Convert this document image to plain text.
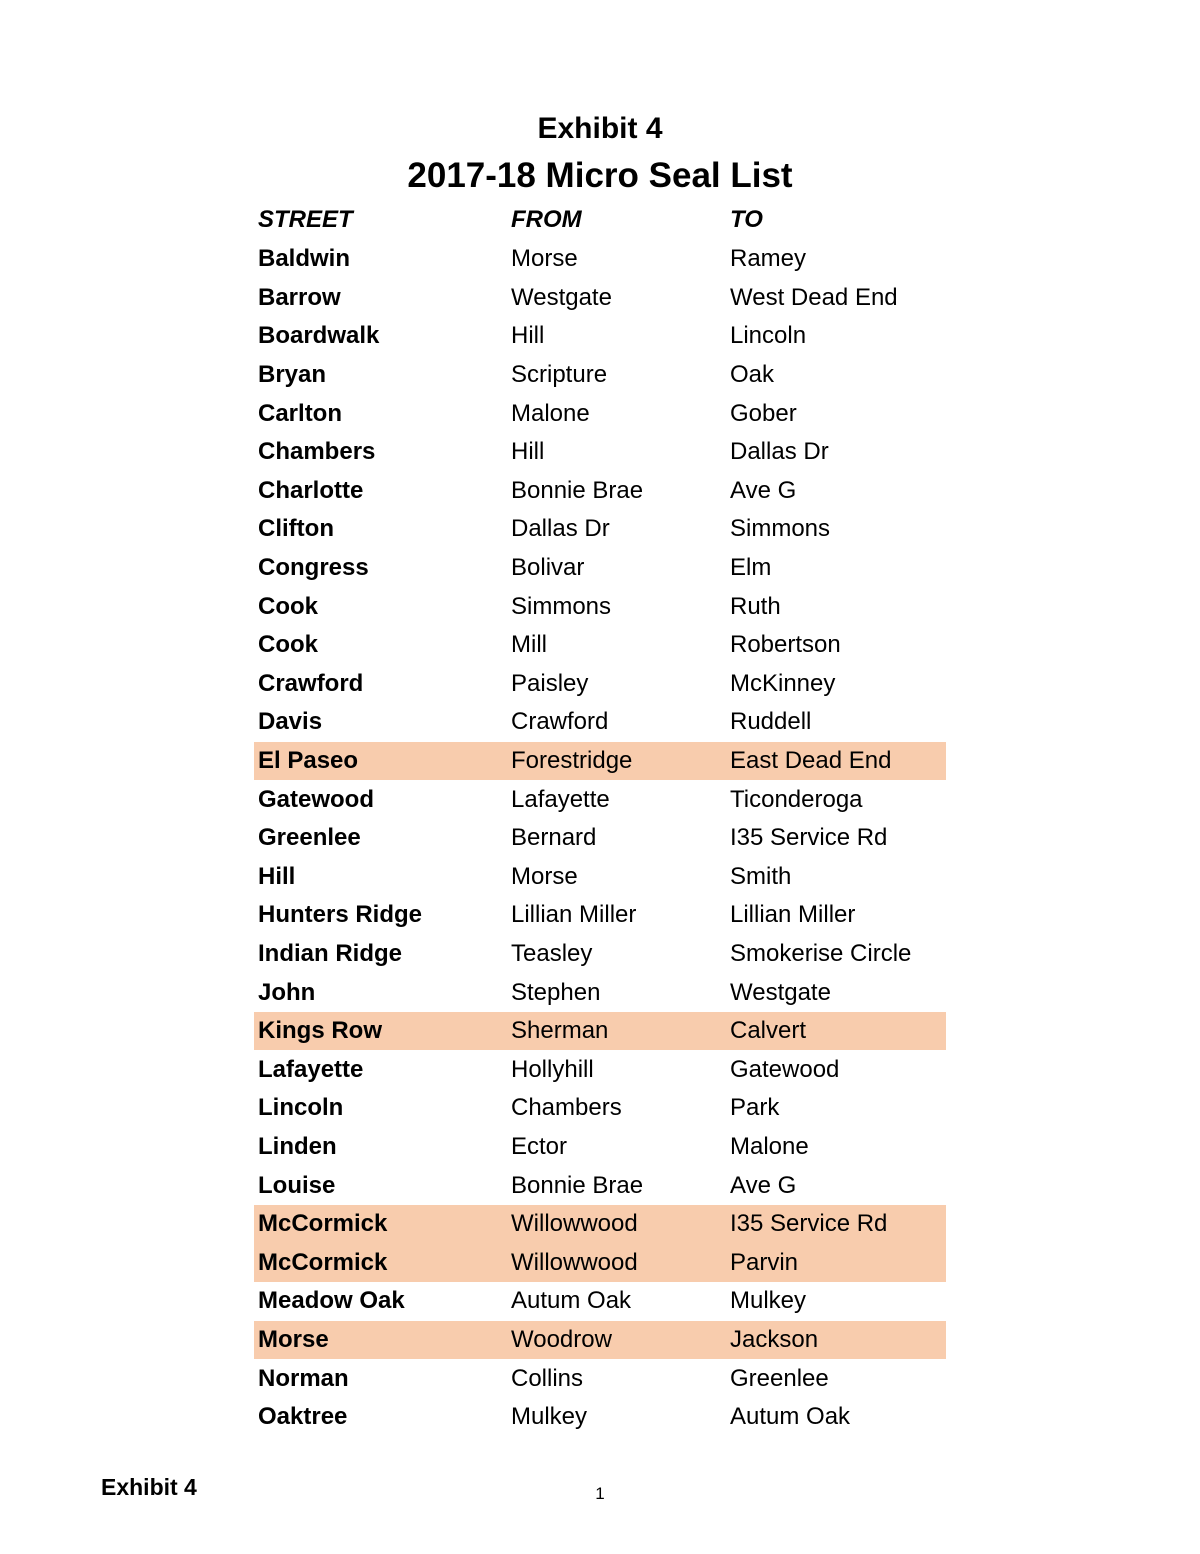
Exhibit 4
2017-18 Micro Seal List
STREET	FROM	TO
Baldwin	Morse	Ramey
Barrow	Westgate	West Dead End
Boardwalk	Hill	Lincoln
Bryan	Scripture	Oak
Carlton	Malone	Gober
Chambers	Hill	Dallas Dr
Charlotte	Bonnie Brae	Ave G
Clifton	Dallas Dr	Simmons
Congress	Bolivar	Elm
Cook	Simmons	Ruth
Cook	Mill	Robertson
Crawford	Paisley	McKinney
Davis	Crawford	Ruddell
El Paseo	Forestridge	East Dead End
Gatewood	Lafayette	Ticonderoga
Greenlee	Bernard	I35 Service Rd
Hill	Morse	Smith
Hunters Ridge	Lillian Miller	Lillian Miller
Indian Ridge	Teasley	Smokerise Circle
John	Stephen	Westgate
Kings Row	Sherman	Calvert
Lafayette	Hollyhill	Gatewood
Lincoln	Chambers	Park
Linden	Ector	Malone
Louise	Bonnie Brae	Ave G
McCormick	Willowwood	I35 Service Rd
McCormick	Willowwood	Parvin
Meadow Oak	Autum Oak	Mulkey
Morse	Woodrow	Jackson
Norman	Collins	Greenlee
Oaktree	Mulkey	Autum Oak
Exhibit 4	1
